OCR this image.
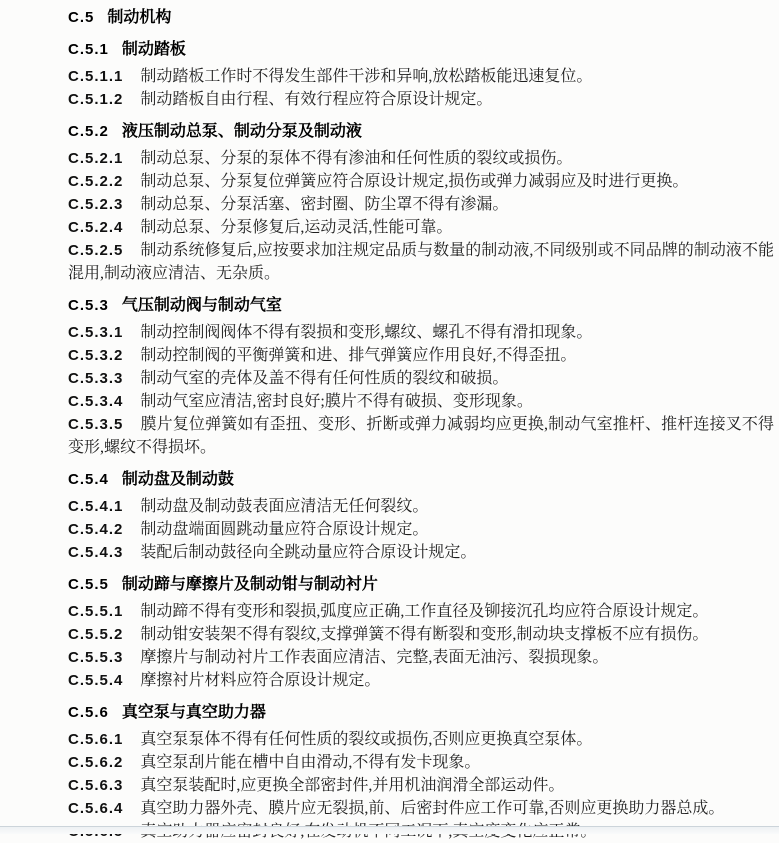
C.5 制动机构
C.5.1 制动踏板

C.5.1.1 制动踏板工作时不得发生部件干涉和异响,放松踏板能迅速复位。

C.5.1.2 制动踏板自由行程、有效行程应符合原设计规定。

C.5.2 液压制动总泵、制动分泵及制动液

C.5.2.1 制动总泵、分泵的泵体不得有渗油和任何性质的裂纹或损伤。

C.5.2.2 制动总泵、分泵复位弹簧应符合原设计规定,损伤或弹力减弱应及时进行更换。

C.5.2.3 制动总泵、分泵活塞、密封圈、防尘罩不得有渗漏。

C.5.2.4 制动总泵、分泵修复后,运动灵活,性能可靠。

C.5.2.5 制动系统修复后,应按要求加注规定品质与数量的制动液,不同级别或不同品牌的制动液不能混用,制动液应清洁、无杂质。

C.5.3 气压制动阀与制动气室

C.5.3.1 制动控制阀阀体不得有裂损和变形,螺纹、螺孔不得有滑扣现象。

C.5.3.2 制动控制阀的平衡弹簧和进、排气弹簧应作用良好,不得歪扭。

C.5.3.3 制动气室的壳体及盖不得有任何性质的裂纹和破损。

C.5.3.4 制动气室应清洁,密封良好;膜片不得有破损、变形现象。

C.5.3.5 膜片复位弹簧如有歪扭、变形、折断或弹力减弱均应更换,制动气室推杆、推杆连接叉不得变形,螺纹不得损坏。

C.5.4 制动盘及制动鼓

C.5.4.1 制动盘及制动鼓表面应清洁无任何裂纹。

C.5.4.2 制动盘端面圆跳动量应符合原设计规定。

C.5.4.3 装配后制动鼓径向全跳动量应符合原设计规定。

C.5.5 制动蹄与摩擦片及制动钳与制动衬片

C.5.5.1 制动蹄不得有变形和裂损,弧度应正确,工作直径及铆接沉孔均应符合原设计规定。

C.5.5.2 制动钳安装架不得有裂纹,支撑弹簧不得有断裂和变形,制动块支撑板不应有损伤。

C.5.5.3 摩擦片与制动衬片工作表面应清洁、完整,表面无油污、裂损现象。

C.5.5.4 摩擦衬片材料应符合原设计规定。

C.5.6 真空泵与真空助力器

C.5.6.1 真空泵泵体不得有任何性质的裂纹或损伤,否则应更换真空泵体。

C.5.6.2 真空泵刮片能在槽中自由滑动,不得有发卡现象。

C.5.6.3 真空泵装配时,应更换全部密封件,并用机油润滑全部运动件。

C.5.6.4 真空助力器外壳、膜片应无裂损,前、后密封件应工作可靠,否则应更换助力器总成。
